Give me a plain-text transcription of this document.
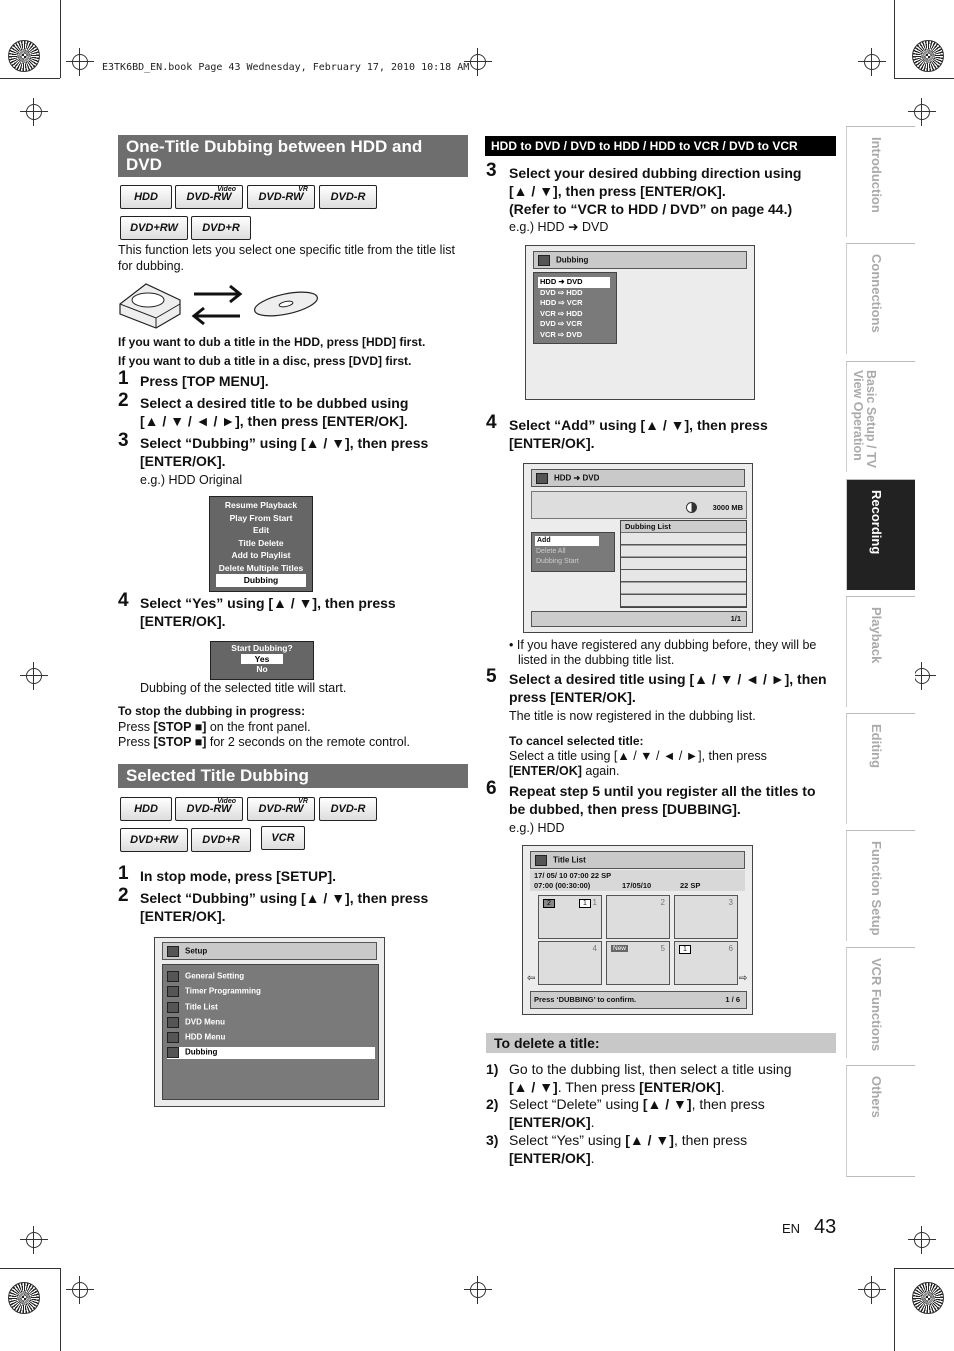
E3TK6BD_EN.book Page 43 Wednesday, February 17, 2010 10:18 AM
One-Title Dubbing between HDD and
DVD
HDD
Video
DVD-RW
VR
DVD-RW DVD-R
DVD+RW DVD+R
This function lets you select one specific title from the title list
for dubbing.
If you want to dub a title in the HDD, press [HDD] first.
If you want to dub a title in a disc, press [DVD] first.
1 Press [TOP MENU].
2 Select a desired title to be dubbed using
[▲ / ▼ / ◄ / ►], then press [ENTER/OK].
3 Select “Dubbing” using [▲ / ▼], then press
[ENTER/OK].
e.g.) HDD Original
Resume Playback
Play From Start
Edit
Title Delete
Add to Playlist
Delete Multiple Titles
Dubbing
4 Select “Yes” using [▲ / ▼], then press
[ENTER/OK].
Start Dubbing?
Yes
No
Dubbing of the selected title will start.
To stop the dubbing in progress:
Press [STOP ■] on the front panel.
Press [STOP ■] for 2 seconds on the remote control.
Selected Title Dubbing
HDD
Video
DVD-RW
VR
DVD-RW DVD-R
DVD+RW DVD+R	VCR
1 In stop mode, press [SETUP].
2 Select “Dubbing” using [▲ / ▼], then press
[ENTER/OK].
Setup
General Setting
Timer Programming
Title List
DVD Menu
HDD Menu
Dubbing
HDD to DVD / DVD to HDD / HDD to VCR / DVD to VCR
3 Select your desired dubbing direction using
[▲ / ▼], then press [ENTER/OK].
(Refer to “VCR to HDD / DVD” on page 44.)
e.g.) HDD ➜ DVD
Dubbing
HDD ➜ DVD
DVD ⇨ HDD
HDD ⇨ VCR
VCR ⇨ HDD
DVD ⇨ VCR
VCR ⇨ DVD
4 Select “Add” using [▲ / ▼], then press
[ENTER/OK].
HDD ➜ DVD
3000 MB
Add
Delete All
Dubbing Start
Dubbing List
1/1
• If you have registered any dubbing before, they will be
listed in the dubbing title list.
5 Select a desired title using [▲ / ▼ / ◄ / ►], then
press [ENTER/OK].
The title is now registered in the dubbing list.
To cancel selected title:
Select a title using [▲ / ▼ / ◄ / ►], then press
[ENTER/OK] again.
6 Repeat step 5 until you register all the titles to
be dubbed, then press [DUBBING].
e.g.) HDD
Title List
17/ 05/ 10 07:00 22 SP
07:00 (00:30:00)	17/05/10	22 SP
1
2	1	2	3
4	5
New	6
1
⇦	⇨
Press ‘DUBBING’ to confirm.	1 / 6
To delete a title:
1) Go to the dubbing list, then select a title using
[▲ / ▼]. Then press [ENTER/OK].
2) Select “Delete” using [▲ / ▼], then press
[ENTER/OK].
3) Select “Yes” using [▲ / ▼], then press
[ENTER/OK].
Introduction
Connections
Basic Setup / TV View Operation
Recording
Playback
Editing
Function Setup
VCR Functions
Others
EN 43
